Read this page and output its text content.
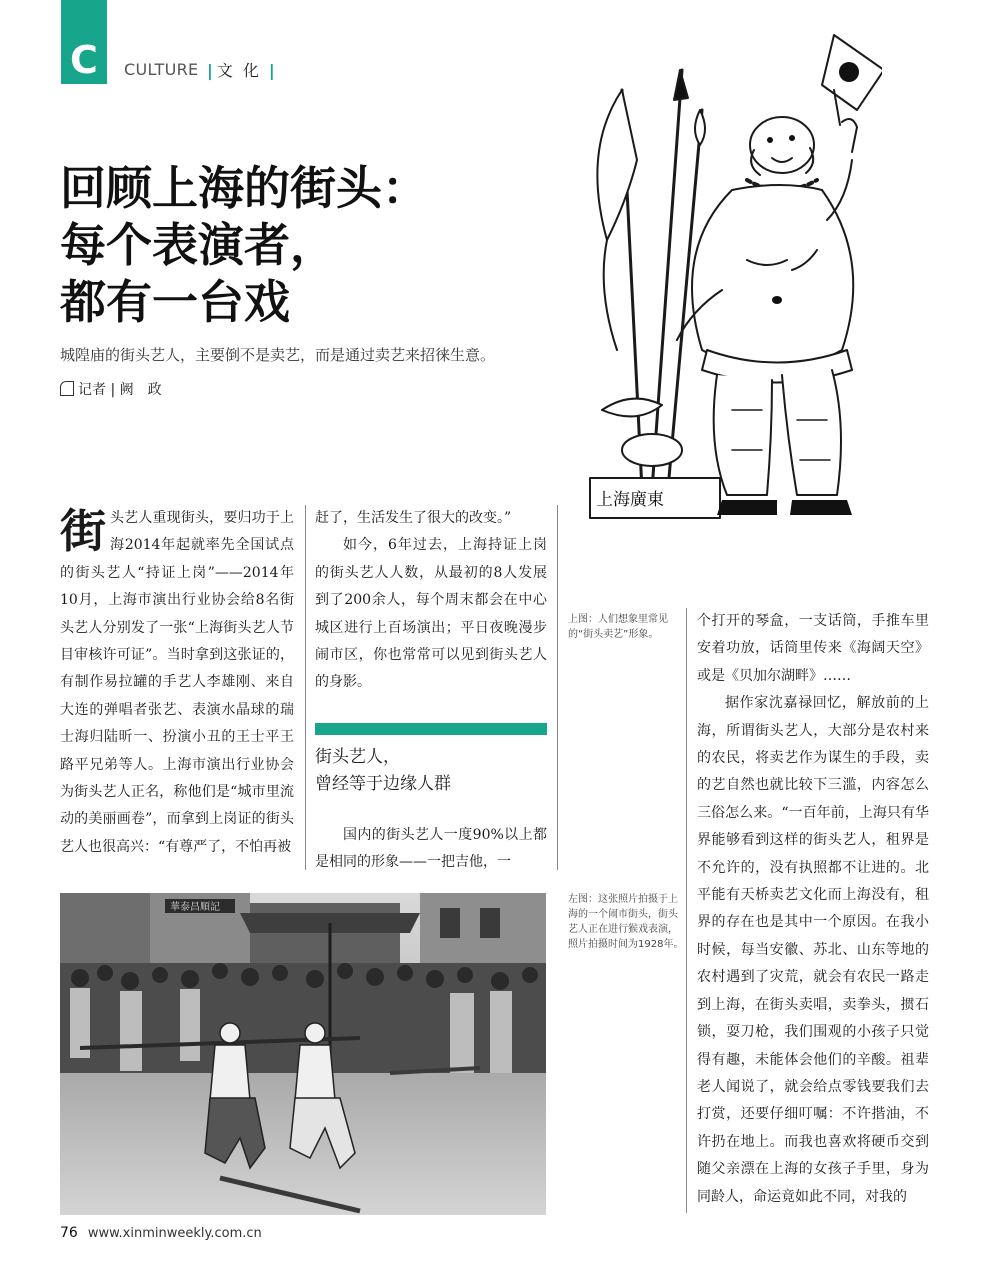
C	CULTURE |文化|
回顾上海的街头：
每个表演者，
都有一台戏
城隍庙的街头艺人，主要倒不是卖艺，而是通过卖艺来招徕生意。
记者 | 阙　政
上海廣東
街头艺人重现街头，要归功于上海2014年起就率先全国试点的街头艺人“持证上岗”——2014年10月，上海市演出行业协会给8名街头艺人分别发了一张“上海街头艺人节目审核许可证”。当时拿到这张证的，有制作易拉罐的手艺人李雄刚、来自大连的弹唱者张艺、表演水晶球的瑞士海归陆昕一、扮演小丑的王士平王路平兄弟等人。上海市演出行业协会为街头艺人正名，称他们是“城市里流动的美丽画卷”，而拿到上岗证的街头艺人也很高兴：“有尊严了，不怕再被

赶了，生活发生了很大的改变。”

如今，6年过去，上海持证上岗的街头艺人人数，从最初的8人发展到了200余人，每个周末都会在中心城区进行上百场演出；平日夜晚漫步闹市区，你也常常可以见到街头艺人的身影。

街头艺人，
曾经等于边缘人群

国内的街头艺人一度90%以上都是相同的形象——一把吉他，一

上图：人们想象里常见的“街头卖艺”形象。
左图：这张照片拍摄于上海的一个闹市街头，街头艺人正在进行猴戏表演，照片拍摄时间为1928年。

个打开的琴盒，一支话筒，手推车里安着功放，话筒里传来《海阔天空》或是《贝加尔湖畔》……

据作家沈嘉禄回忆，解放前的上海，所谓街头艺人，大部分是农村来的农民，将卖艺作为谋生的手段，卖的艺自然也就比较下三滥，内容怎么三俗怎么来。“一百年前，上海只有华界能够看到这样的街头艺人，租界是不允许的，没有执照都不让进的。北平能有天桥卖艺文化而上海没有，租界的存在也是其中一个原因。在我小时候，每当安徽、苏北、山东等地的农村遇到了灾荒，就会有农民一路走到上海，在街头卖唱，卖拳头，掼石锁，耍刀枪，我们围观的小孩子只觉得有趣，未能体会他们的辛酸。祖辈老人闻说了，就会给点零钱要我们去打赏，还要仔细叮嘱：不许揩油，不许扔在地上。而我也喜欢将硬币交到随父亲漂在上海的女孩子手里，身为同龄人，命运竟如此不同，对我的

華泰昌順記
76 www.xinminweekly.com.cn
